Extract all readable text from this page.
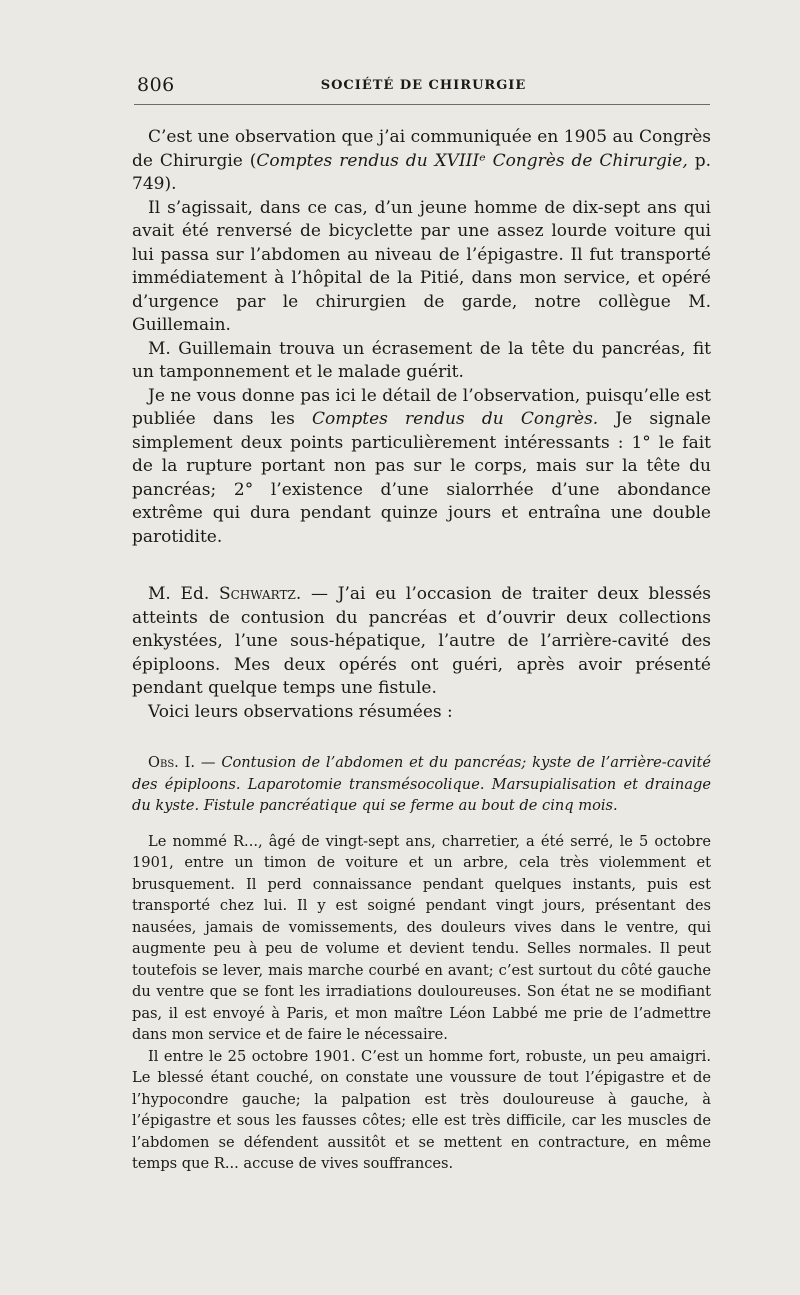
806	SOCIÉTÉ DE CHIRURGIE

C’est une observation que j’ai communiquée en 1905 au Congrès de Chirurgie (Comptes rendus du XVIIIᵉ Congrès de Chirurgie, p. 749).

Il s’agissait, dans ce cas, d’un jeune homme de dix-sept ans qui avait été renversé de bicyclette par une assez lourde voiture qui lui passa sur l’abdomen au niveau de l’épigastre. Il fut transporté immédiatement à l’hôpital de la Pitié, dans mon service, et opéré d’urgence par le chirurgien de garde, notre collègue M. Guillemain.

M. Guillemain trouva un écrasement de la tête du pancréas, fit un tamponnement et le malade guérit.

Je ne vous donne pas ici le détail de l’observation, puisqu’elle est publiée dans les Comptes rendus du Congrès. Je signale simplement deux points particulièrement intéressants : 1° le fait de la rupture portant non pas sur le corps, mais sur la tête du pancréas; 2° l’existence d’une sialorrhée d’une abondance extrême qui dura pendant quinze jours et entraîna une double parotidite.

M. Ed. Schwartz. — J’ai eu l’occasion de traiter deux blessés atteints de contusion du pancréas et d’ouvrir deux collections enkystées, l’une sous-hépatique, l’autre de l’arrière-cavité des épiploons. Mes deux opérés ont guéri, après avoir présenté pendant quelque temps une fistule.

Voici leurs observations résumées :

Obs. I. — Contusion de l’abdomen et du pancréas; kyste de l’arrière-cavité des épiploons. Laparotomie transmésocolique. Marsupialisation et drainage du kyste. Fistule pancréatique qui se ferme au bout de cinq mois.

Le nommé R..., âgé de vingt-sept ans, charretier, a été serré, le 5 octobre 1901, entre un timon de voiture et un arbre, cela très violemment et brusquement. Il perd connaissance pendant quelques instants, puis est transporté chez lui. Il y est soigné pendant vingt jours, présentant des nausées, jamais de vomissements, des douleurs vives dans le ventre, qui augmente peu à peu de volume et devient tendu. Selles normales. Il peut toutefois se lever, mais marche courbé en avant; c’est surtout du côté gauche du ventre que se font les irradiations douloureuses. Son état ne se modifiant pas, il est envoyé à Paris, et mon maître Léon Labbé me prie de l’admettre dans mon service et de faire le nécessaire.

Il entre le 25 octobre 1901. C’est un homme fort, robuste, un peu amaigri. Le blessé étant couché, on constate une voussure de tout l’épigastre et de l’hypocondre gauche; la palpation est très douloureuse à gauche, à l’épigastre et sous les fausses côtes; elle est très difficile, car les muscles de l’abdomen se défendent aussitôt et se mettent en contracture, en même temps que R... accuse de vives souffrances.
